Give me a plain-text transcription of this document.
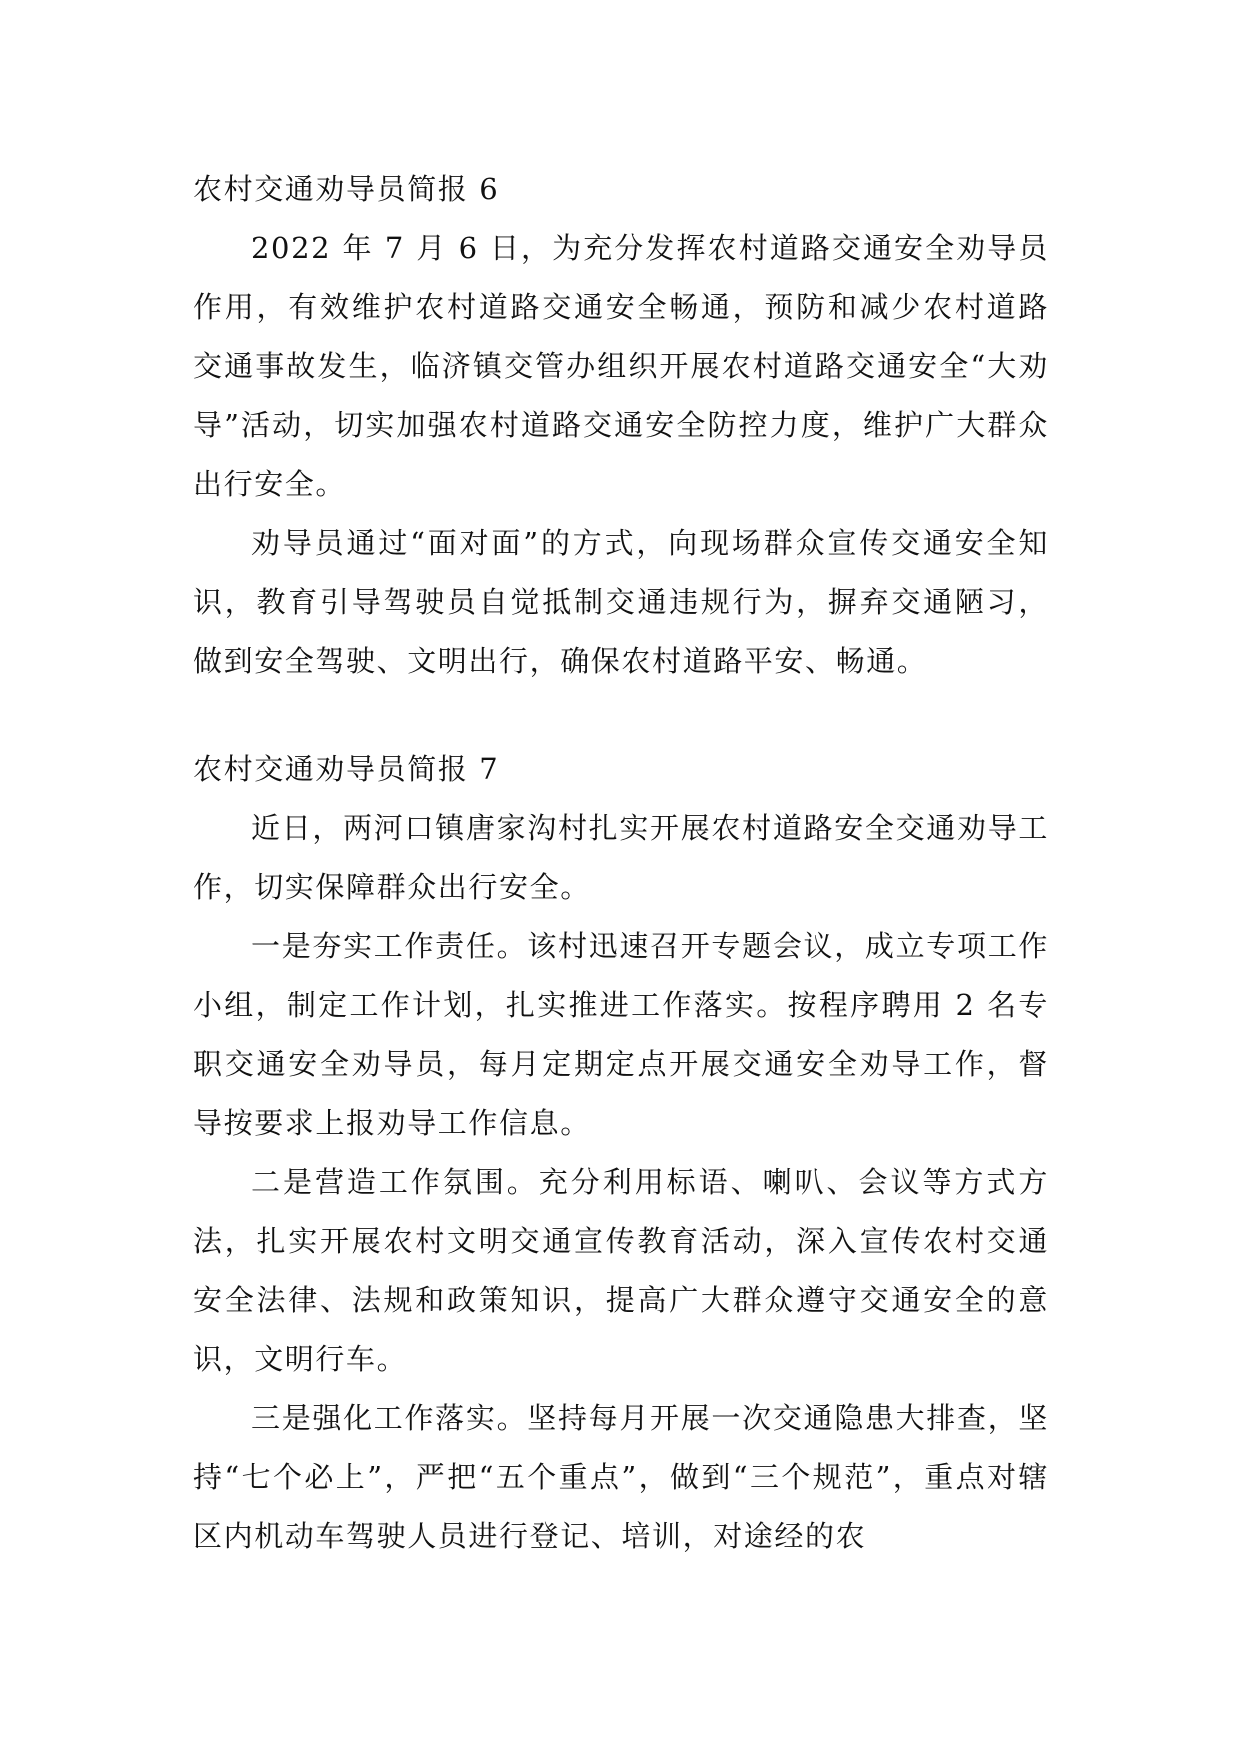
农村交通劝导员简报 6

2022 年 7 月 6 日，为充分发挥农村道路交通安全劝导员作用，有效维护农村道路交通安全畅通，预防和减少农村道路交通事故发生，临济镇交管办组织开展农村道路交通安全“大劝导”活动，切实加强农村道路交通安全防控力度，维护广大群众出行安全。

劝导员通过“面对面”的方式，向现场群众宣传交通安全知识，教育引导驾驶员自觉抵制交通违规行为，摒弃交通陋习，做到安全驾驶、文明出行，确保农村道路平安、畅通。

农村交通劝导员简报 7

近日，两河口镇唐家沟村扎实开展农村道路安全交通劝导工作，切实保障群众出行安全。

一是夯实工作责任。该村迅速召开专题会议，成立专项工作小组，制定工作计划，扎实推进工作落实。按程序聘用 2 名专职交通安全劝导员，每月定期定点开展交通安全劝导工作，督导按要求上报劝导工作信息。

二是营造工作氛围。充分利用标语、喇叭、会议等方式方法，扎实开展农村文明交通宣传教育活动，深入宣传农村交通安全法律、法规和政策知识，提高广大群众遵守交通安全的意识，文明行车。

三是强化工作落实。坚持每月开展一次交通隐患大排查，坚持“七个必上”，严把“五个重点”，做到“三个规范”，重点对辖区内机动车驾驶人员进行登记、培训，对途经的农
